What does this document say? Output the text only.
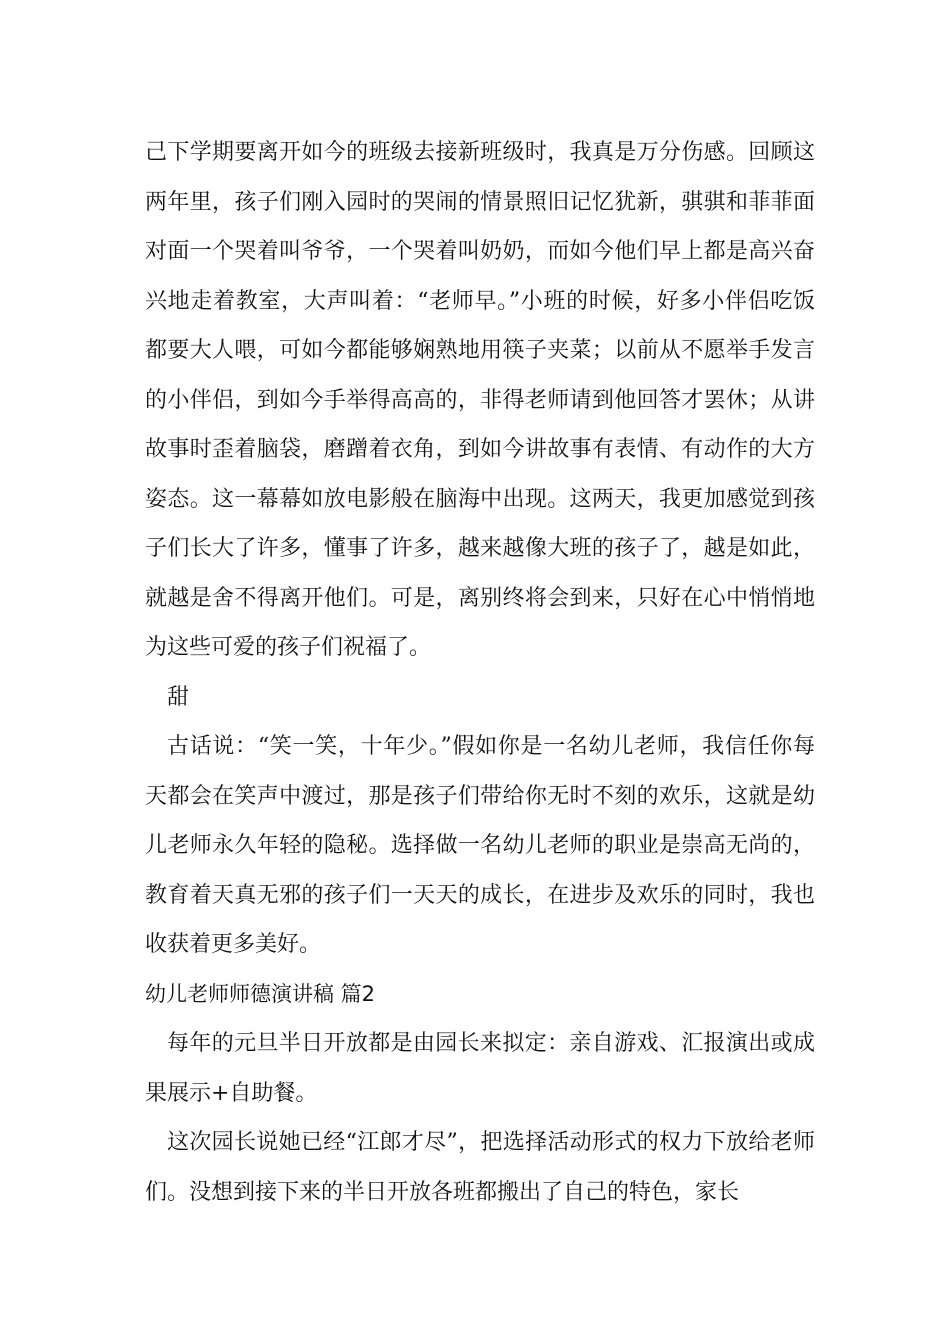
己下学期要离开如今的班级去接新班级时，我真是万分伤感。回顾这两年里，孩子们刚入园时的哭闹的情景照旧记忆犹新，骐骐和菲菲面对面一个哭着叫爷爷，一个哭着叫奶奶，而如今他们早上都是高兴奋兴地走着教室，大声叫着：“老师早。”小班的时候，好多小伴侣吃饭都要大人喂，可如今都能够娴熟地用筷子夹菜；以前从不愿举手发言的小伴侣，到如今手举得高高的，非得老师请到他回答才罢休；从讲故事时歪着脑袋，磨蹭着衣角，到如今讲故事有表情、有动作的大方姿态。这一幕幕如放电影般在脑海中出现。这两天，我更加感觉到孩子们长大了许多，懂事了许多，越来越像大班的孩子了，越是如此，就越是舍不得离开他们。可是，离别终将会到来，只好在心中悄悄地为这些可爱的孩子们祝福了。

甜

古话说：“笑一笑，十年少。”假如你是一名幼儿老师，我信任你每天都会在笑声中渡过，那是孩子们带给你无时不刻的欢乐，这就是幼儿老师永久年轻的隐秘。选择做一名幼儿老师的职业是崇高无尚的，教育着天真无邪的孩子们一天天的成长，在进步及欢乐的同时，我也收获着更多美好。

幼儿老师师德演讲稿 篇2

每年的元旦半日开放都是由园长来拟定：亲自游戏、汇报演出或成果展示+自助餐。

这次园长说她已经“江郎才尽”，把选择活动形式的权力下放给老师们。没想到接下来的半日开放各班都搬出了自己的特色，家长
